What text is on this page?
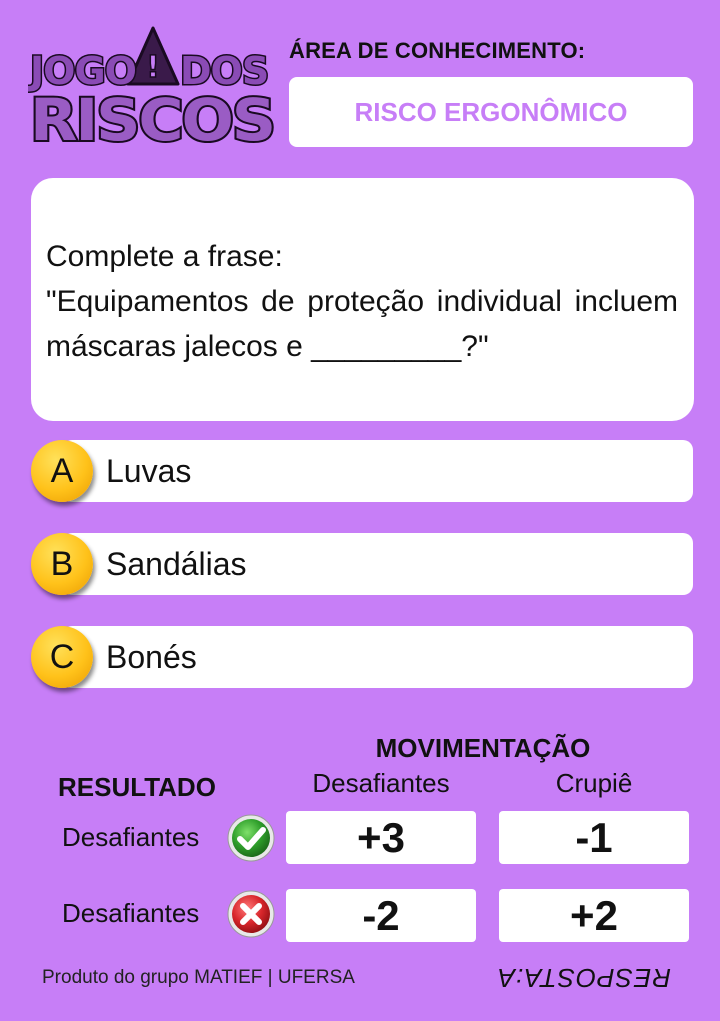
!
JOGO DOS
RISCOS
ÁREA DE CONHECIMENTO:
RISCO ERGONÔMICO
Complete a frase:
"Equipamentos de proteção individual incluem máscaras jalecos e _________?"
Luvas
A
Sandálias
B
Bonés
C
MOVIMENTAÇÃO
Desafiantes	Crupiê
RESULTADO
Desafiantes	+3	-1
Desafiantes	-2	+2
Produto do grupo MATIEF | UFERSA	RESPOSTA:A
